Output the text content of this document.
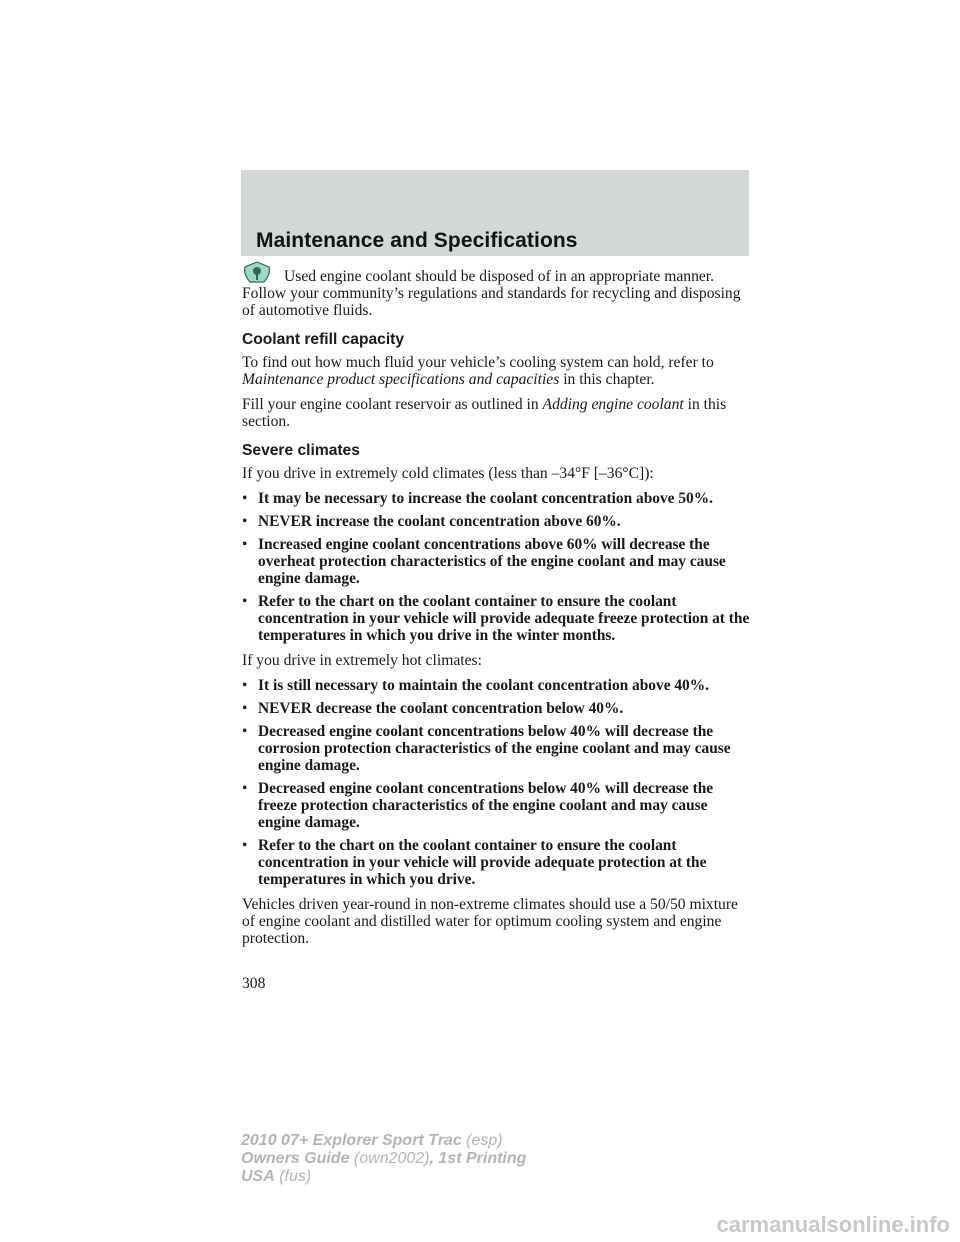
Maintenance and Specifications

Used engine coolant should be disposed of in an appropriate manner. Follow your community’s regulations and standards for recycling and disposing of automotive fluids.

Coolant refill capacity

To find out how much fluid your vehicle’s cooling system can hold, refer to Maintenance product specifications and capacities in this chapter.

Fill your engine coolant reservoir as outlined in Adding engine coolant in this section.

Severe climates

If you drive in extremely cold climates (less than –34°F [–36°C]):

• It may be necessary to increase the coolant concentration above 50%.
• NEVER increase the coolant concentration above 60%.
• Increased engine coolant concentrations above 60% will decrease the overheat protection characteristics of the engine coolant and may cause engine damage.
• Refer to the chart on the coolant container to ensure the coolant concentration in your vehicle will provide adequate freeze protection at the temperatures in which you drive in the winter months.

If you drive in extremely hot climates:

• It is still necessary to maintain the coolant concentration above 40%.
• NEVER decrease the coolant concentration below 40%.
• Decreased engine coolant concentrations below 40% will decrease the corrosion protection characteristics of the engine coolant and may cause engine damage.
• Decreased engine coolant concentrations below 40% will decrease the freeze protection characteristics of the engine coolant and may cause engine damage.
• Refer to the chart on the coolant container to ensure the coolant concentration in your vehicle will provide adequate protection at the temperatures in which you drive.

Vehicles driven year-round in non-extreme climates should use a 50/50 mixture of engine coolant and distilled water for optimum cooling system and engine protection.

308
2010 07+ Explorer Sport Trac (esp)
Owners Guide (own2002), 1st Printing
USA (fus)
carmanualsonline.info
